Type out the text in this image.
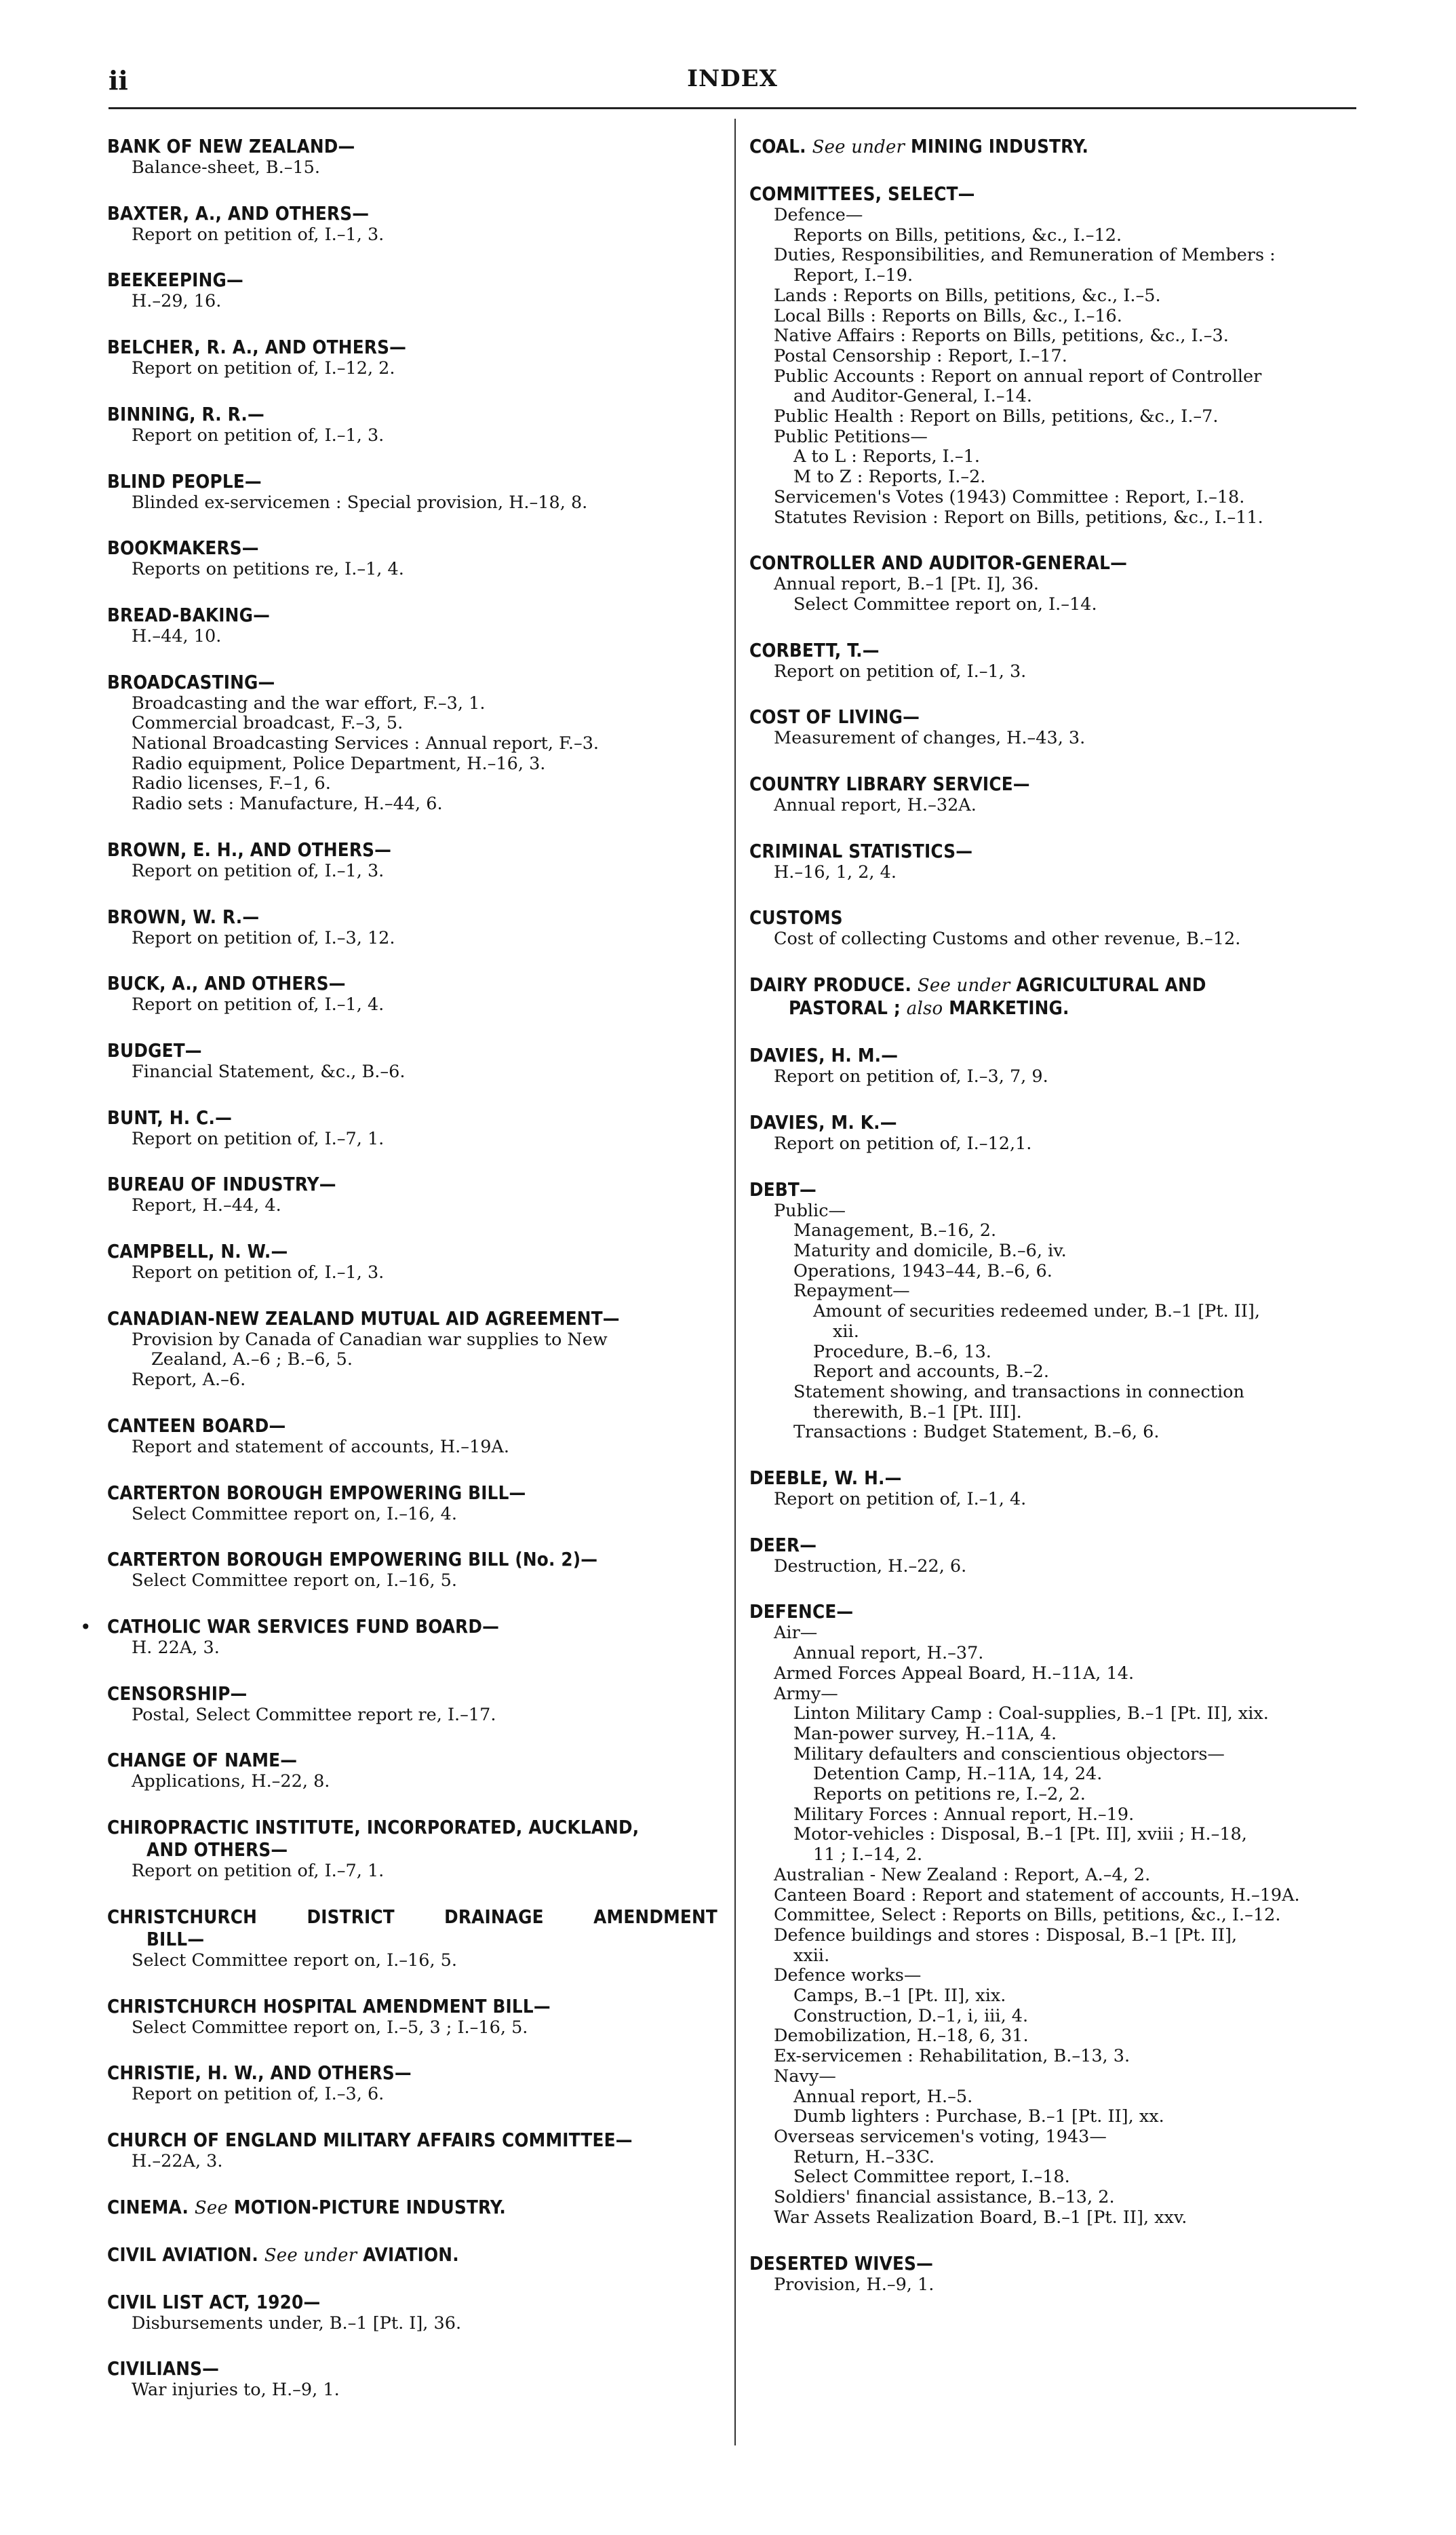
ii	INDEX
BANK OF NEW ZEALAND—
Balance-sheet, B.–15.
BAXTER, A., AND OTHERS—
Report on petition of, I.–1, 3.
BEEKEEPING—
H.–29, 16.
BELCHER, R. A., AND OTHERS—
Report on petition of, I.–12, 2.
BINNING, R. R.—
Report on petition of, I.–1, 3.
BLIND PEOPLE—
Blinded ex-servicemen : Special provision, H.–18, 8.
BOOKMAKERS—
Reports on petitions re, I.–1, 4.
BREAD-BAKING—
H.–44, 10.
BROADCASTING—
Broadcasting and the war effort, F.–3, 1.
Commercial broadcast, F.–3, 5.
National Broadcasting Services : Annual report, F.–3.
Radio equipment, Police Department, H.–16, 3.
Radio licenses, F.–1, 6.
Radio sets : Manufacture, H.–44, 6.
BROWN, E. H., AND OTHERS—
Report on petition of, I.–1, 3.
BROWN, W. R.—
Report on petition of, I.–3, 12.
BUCK, A., AND OTHERS—
Report on petition of, I.–1, 4.
BUDGET—
Financial Statement, &c., B.–6.
BUNT, H. C.—
Report on petition of, I.–7, 1.
BUREAU OF INDUSTRY—
Report, H.–44, 4.
CAMPBELL, N. W.—
Report on petition of, I.–1, 3.
CANADIAN-NEW ZEALAND MUTUAL AID AGREEMENT—
Provision by Canada of Canadian war supplies to New
Zealand, A.–6 ; B.–6, 5.
Report, A.–6.
CANTEEN BOARD—
Report and statement of accounts, H.–19A.
CARTERTON BOROUGH EMPOWERING BILL—
Select Committee report on, I.–16, 4.
CARTERTON BOROUGH EMPOWERING BILL (No. 2)—
Select Committee report on, I.–16, 5.
• CATHOLIC WAR SERVICES FUND BOARD—
H. 22A, 3.
CENSORSHIP—
Postal, Select Committee report re, I.–17.
CHANGE OF NAME—
Applications, H.–22, 8.
CHIROPRACTIC INSTITUTE, INCORPORATED, AUCKLAND,
AND OTHERS—
Report on petition of, I.–7, 1.
CHRISTCHURCH DISTRICT DRAINAGE AMENDMENT
BILL—
Select Committee report on, I.–16, 5.
CHRISTCHURCH HOSPITAL AMENDMENT BILL—
Select Committee report on, I.–5, 3 ; I.–16, 5.
CHRISTIE, H. W., AND OTHERS—
Report on petition of, I.–3, 6.
CHURCH OF ENGLAND MILITARY AFFAIRS COMMITTEE—
H.–22A, 3.
CINEMA. See MOTION-PICTURE INDUSTRY.
CIVIL AVIATION. See under AVIATION.
CIVIL LIST ACT, 1920—
Disbursements under, B.–1 [Pt. I], 36.
CIVILIANS—
War injuries to, H.–9, 1.
COAL. See under MINING INDUSTRY.
COMMITTEES, SELECT—
Defence—
Reports on Bills, petitions, &c., I.–12.
Duties, Responsibilities, and Remuneration of Members :
Report, I.–19.
Lands : Reports on Bills, petitions, &c., I.–5.
Local Bills : Reports on Bills, &c., I.–16.
Native Affairs : Reports on Bills, petitions, &c., I.–3.
Postal Censorship : Report, I.–17.
Public Accounts : Report on annual report of Controller
and Auditor-General, I.–14.
Public Health : Report on Bills, petitions, &c., I.–7.
Public Petitions—
A to L : Reports, I.–1.
M to Z : Reports, I.–2.
Servicemen's Votes (1943) Committee : Report, I.–18.
Statutes Revision : Report on Bills, petitions, &c., I.–11.
CONTROLLER AND AUDITOR-GENERAL—
Annual report, B.–1 [Pt. I], 36.
Select Committee report on, I.–14.
CORBETT, T.—
Report on petition of, I.–1, 3.
COST OF LIVING—
Measurement of changes, H.–43, 3.
COUNTRY LIBRARY SERVICE—
Annual report, H.–32A.
CRIMINAL STATISTICS—
H.–16, 1, 2, 4.
CUSTOMS
Cost of collecting Customs and other revenue, B.–12.
DAIRY PRODUCE. See under AGRICULTURAL AND
PASTORAL ; also MARKETING.
DAVIES, H. M.—
Report on petition of, I.–3, 7, 9.
DAVIES, M. K.—
Report on petition of, I.–12,1.
DEBT—
Public—
Management, B.–16, 2.
Maturity and domicile, B.–6, iv.
Operations, 1943–44, B.–6, 6.
Repayment—
Amount of securities redeemed under, B.–1 [Pt. II],
xii.
Procedure, B.–6, 13.
Report and accounts, B.–2.
Statement showing, and transactions in connection
therewith, B.–1 [Pt. III].
Transactions : Budget Statement, B.–6, 6.
DEEBLE, W. H.—
Report on petition of, I.–1, 4.
DEER—
Destruction, H.–22, 6.
DEFENCE—
Air—
Annual report, H.–37.
Armed Forces Appeal Board, H.–11A, 14.
Army—
Linton Military Camp : Coal-supplies, B.–1 [Pt. II], xix.
Man-power survey, H.–11A, 4.
Military defaulters and conscientious objectors—
Detention Camp, H.–11A, 14, 24.
Reports on petitions re, I.–2, 2.
Military Forces : Annual report, H.–19.
Motor-vehicles : Disposal, B.–1 [Pt. II], xviii ; H.–18,
11 ; I.–14, 2.
Australian - New Zealand : Report, A.–4, 2.
Canteen Board : Report and statement of accounts, H.–19A.
Committee, Select : Reports on Bills, petitions, &c., I.–12.
Defence buildings and stores : Disposal, B.–1 [Pt. II],
xxii.
Defence works—
Camps, B.–1 [Pt. II], xix.
Construction, D.–1, i, iii, 4.
Demobilization, H.–18, 6, 31.
Ex-servicemen : Rehabilitation, B.–13, 3.
Navy—
Annual report, H.–5.
Dumb lighters : Purchase, B.–1 [Pt. II], xx.
Overseas servicemen's voting, 1943—
Return, H.–33C.
Select Committee report, I.–18.
Soldiers' financial assistance, B.–13, 2.
War Assets Realization Board, B.–1 [Pt. II], xxv.
DESERTED WIVES—
Provision, H.–9, 1.
